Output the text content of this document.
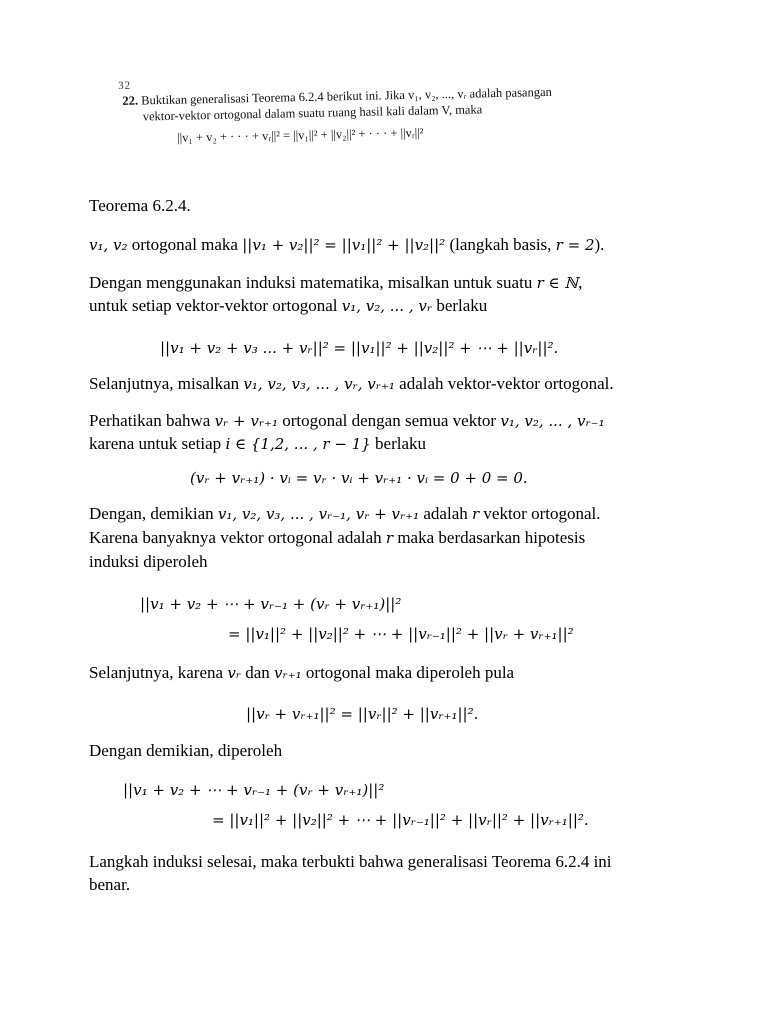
32
22. Buktikan generalisasi Teorema 6.2.4 berikut ini. Jika v₁, v₂, ..., vᵣ adalah pasangan
vektor-vektor ortogonal dalam suatu ruang hasil kali dalam V, maka
||v₁ + v₂ + · · · + vᵣ||² = ||v₁||² + ||v₂||² + · · · + ||vᵣ||²
Teorema 6.2.4.
v₁, v₂ ortogonal maka ||v₁ + v₂||² = ||v₁||² + ||v₂||² (langkah basis, r = 2).
Dengan menggunakan induksi matematika, misalkan untuk suatu r ∈ ℕ,
untuk setiap vektor-vektor ortogonal v₁, v₂, ... , vᵣ berlaku
||v₁ + v₂ + v₃ ... + vᵣ||² = ||v₁||² + ||v₂||² + ⋯ + ||vᵣ||².
Selanjutnya, misalkan v₁, v₂, v₃, ... , vᵣ, vᵣ₊₁ adalah vektor-vektor ortogonal.
Perhatikan bahwa vᵣ + vᵣ₊₁ ortogonal dengan semua vektor v₁, v₂, ... , vᵣ₋₁
karena untuk setiap i ∈ {1,2, ... , r − 1} berlaku
(vᵣ + vᵣ₊₁) · vᵢ = vᵣ · vᵢ + vᵣ₊₁ · vᵢ = 0 + 0 = 0.
Dengan, demikian v₁, v₂, v₃, ... , vᵣ₋₁, vᵣ + vᵣ₊₁ adalah r vektor ortogonal.
Karena banyaknya vektor ortogonal adalah r maka berdasarkan hipotesis
induksi diperoleh
||v₁ + v₂ + ⋯ + vᵣ₋₁ + (vᵣ + vᵣ₊₁)||²
= ||v₁||² + ||v₂||² + ⋯ + ||vᵣ₋₁||² + ||vᵣ + vᵣ₊₁||²
Selanjutnya, karena vᵣ dan vᵣ₊₁ ortogonal maka diperoleh pula
||vᵣ + vᵣ₊₁||² = ||vᵣ||² + ||vᵣ₊₁||².
Dengan demikian, diperoleh
||v₁ + v₂ + ⋯ + vᵣ₋₁ + (vᵣ + vᵣ₊₁)||²
= ||v₁||² + ||v₂||² + ⋯ + ||vᵣ₋₁||² + ||vᵣ||² + ||vᵣ₊₁||².
Langkah induksi selesai, maka terbukti bahwa generalisasi Teorema 6.2.4 ini
benar.
